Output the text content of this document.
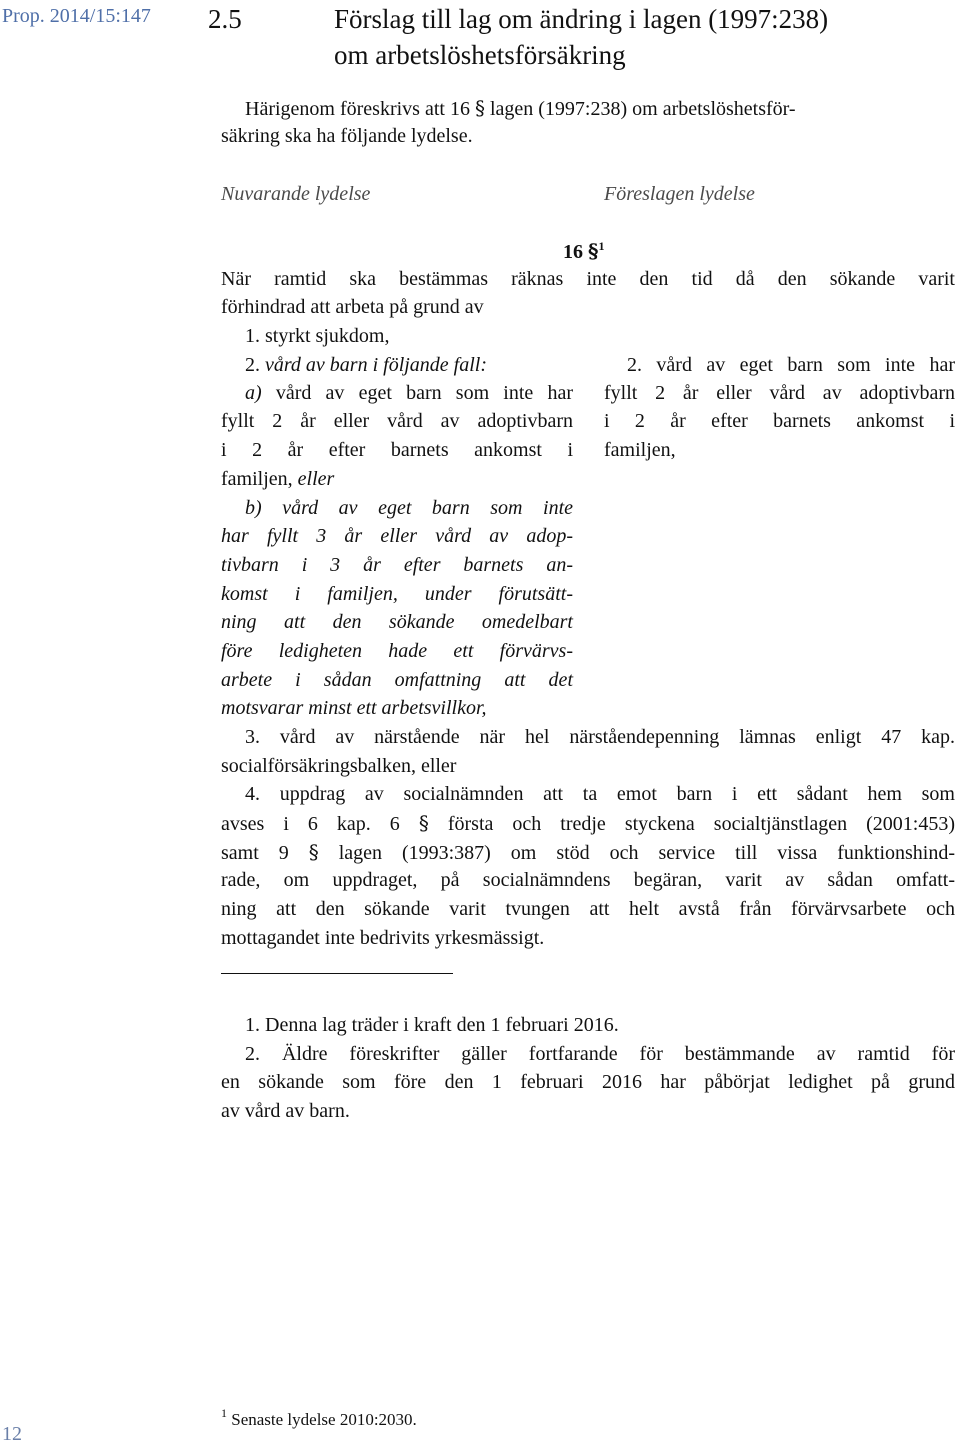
Prop. 2014/15:147 2.5	Förslag till lag om ändring i lagen (1997:238)
om arbetslöshetsförsäkring
Härigenom föreskrivs att 16 § lagen (1997:238) om arbetslöshetsför-
säkring ska ha följande lydelse.
Nuvarande lydelse	Föreslagen lydelse
16 §$^1$
När ramtid ska bestämmas räknas inte den tid då den sökande varit
förhindrad att arbeta på grund av
1. styrkt sjukdom,
2. vård av barn i följande fall:
a) vård av eget barn som inte har
fyllt 2 år eller vård av adoptivbarn
i 2 år efter barnets ankomst i
familjen, eller
b) vård av eget barn som inte
har fyllt 3 år eller vård av adop-
tivbarn i 3 år efter barnets an-
komst i familjen, under förutsätt-
ning att den sökande omedelbart
före ledigheten hade ett förvärvs-
arbete i sådan omfattning att det
motsvarar minst ett arbetsvillkor,
2. vård av eget barn som inte har
fyllt 2 år eller vård av adoptivbarn
i 2 år efter barnets ankomst i
familjen,
3. vård av närstående när hel närståendepenning lämnas enligt 47 kap.
socialförsäkringsbalken, eller
4. uppdrag av socialnämnden att ta emot barn i ett sådant hem som
avses i 6 kap. 6 § första och tredje styckena socialtjänstlagen (2001:453)
samt 9 § lagen (1993:387) om stöd och service till vissa funktionshind-
rade, om uppdraget, på socialnämndens begäran, varit av sådan omfatt-
ning att den sökande varit tvungen att helt avstå från förvärvsarbete och
mottagandet inte bedrivits yrkesmässigt.
1. Denna lag träder i kraft den 1 februari 2016.
2. Äldre föreskrifter gäller fortfarande för bestämmande av ramtid för
en sökande som före den 1 februari 2016 har påbörjat ledighet på grund
av vård av barn.
$^1$ Senaste lydelse 2010:2030.
12
